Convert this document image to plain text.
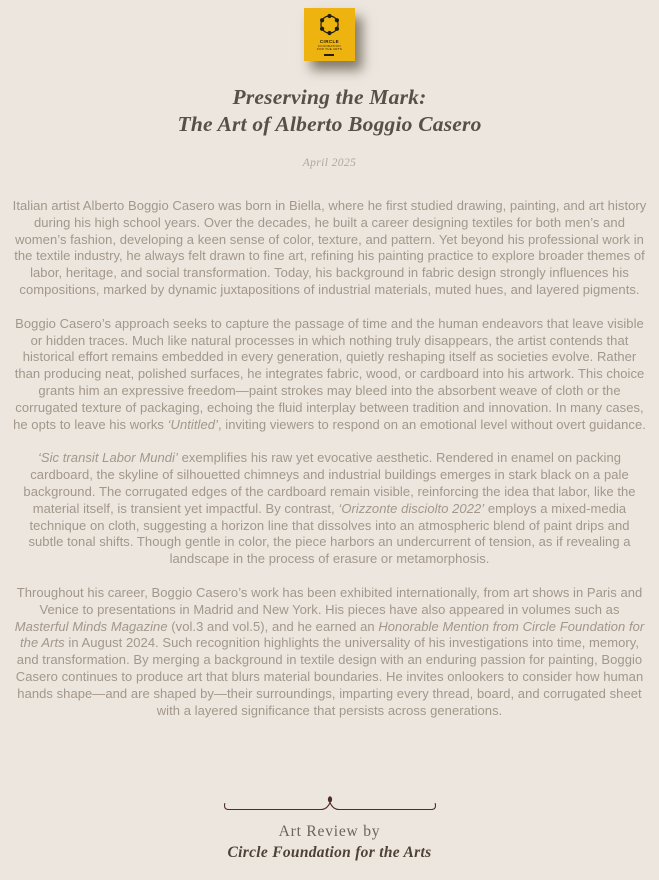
CIRCLE
FOUNDATION
FOR THE ARTS
Preserving the Mark:
The Art of Alberto Boggio Casero
April 2025

Italian artist Alberto Boggio Casero was born in Biella, where he first studied drawing, painting, and art history during his high school years. Over the decades, he built a career designing textiles for both men’s and women’s fashion, developing a keen sense of color, texture, and pattern. Yet beyond his professional work in the textile industry, he always felt drawn to fine art, refining his painting practice to explore broader themes of labor, heritage, and social transformation. Today, his background in fabric design strongly influences his compositions, marked by dynamic juxtapositions of industrial materials, muted hues, and layered pigments.

Boggio Casero’s approach seeks to capture the passage of time and the human endeavors that leave visible or hidden traces. Much like natural processes in which nothing truly disappears, the artist contends that historical effort remains embedded in every generation, quietly reshaping itself as societies evolve. Rather than producing neat, polished surfaces, he integrates fabric, wood, or cardboard into his artwork. This choice grants him an expressive freedom—paint strokes may bleed into the absorbent weave of cloth or the corrugated texture of packaging, echoing the fluid interplay between tradition and innovation. In many cases, he opts to leave his works ‘Untitled’, inviting viewers to respond on an emotional level without overt guidance.

‘Sic transit Labor Mundi’ exemplifies his raw yet evocative aesthetic. Rendered in enamel on packing cardboard, the skyline of silhouetted chimneys and industrial buildings emerges in stark black on a pale background. The corrugated edges of the cardboard remain visible, reinforcing the idea that labor, like the material itself, is transient yet impactful. By contrast, ‘Orizzonte disciolto 2022’ employs a mixed-media technique on cloth, suggesting a horizon line that dissolves into an atmospheric blend of paint drips and subtle tonal shifts. Though gentle in color, the piece harbors an undercurrent of tension, as if revealing a landscape in the process of erasure or metamorphosis.

Throughout his career, Boggio Casero’s work has been exhibited internationally, from art shows in Paris and Venice to presentations in Madrid and New York. His pieces have also appeared in volumes such as Masterful Minds Magazine (vol.3 and vol.5), and he earned an Honorable Mention from Circle Foundation for the Arts in August 2024. Such recognition highlights the universality of his investigations into time, memory, and transformation. By merging a background in textile design with an enduring passion for painting, Boggio Casero continues to produce art that blurs material boundaries. He invites onlookers to consider how human hands shape—and are shaped by—their surroundings, imparting every thread, board, and corrugated sheet with a layered significance that persists across generations.

Art Review by
Circle Foundation for the Arts
